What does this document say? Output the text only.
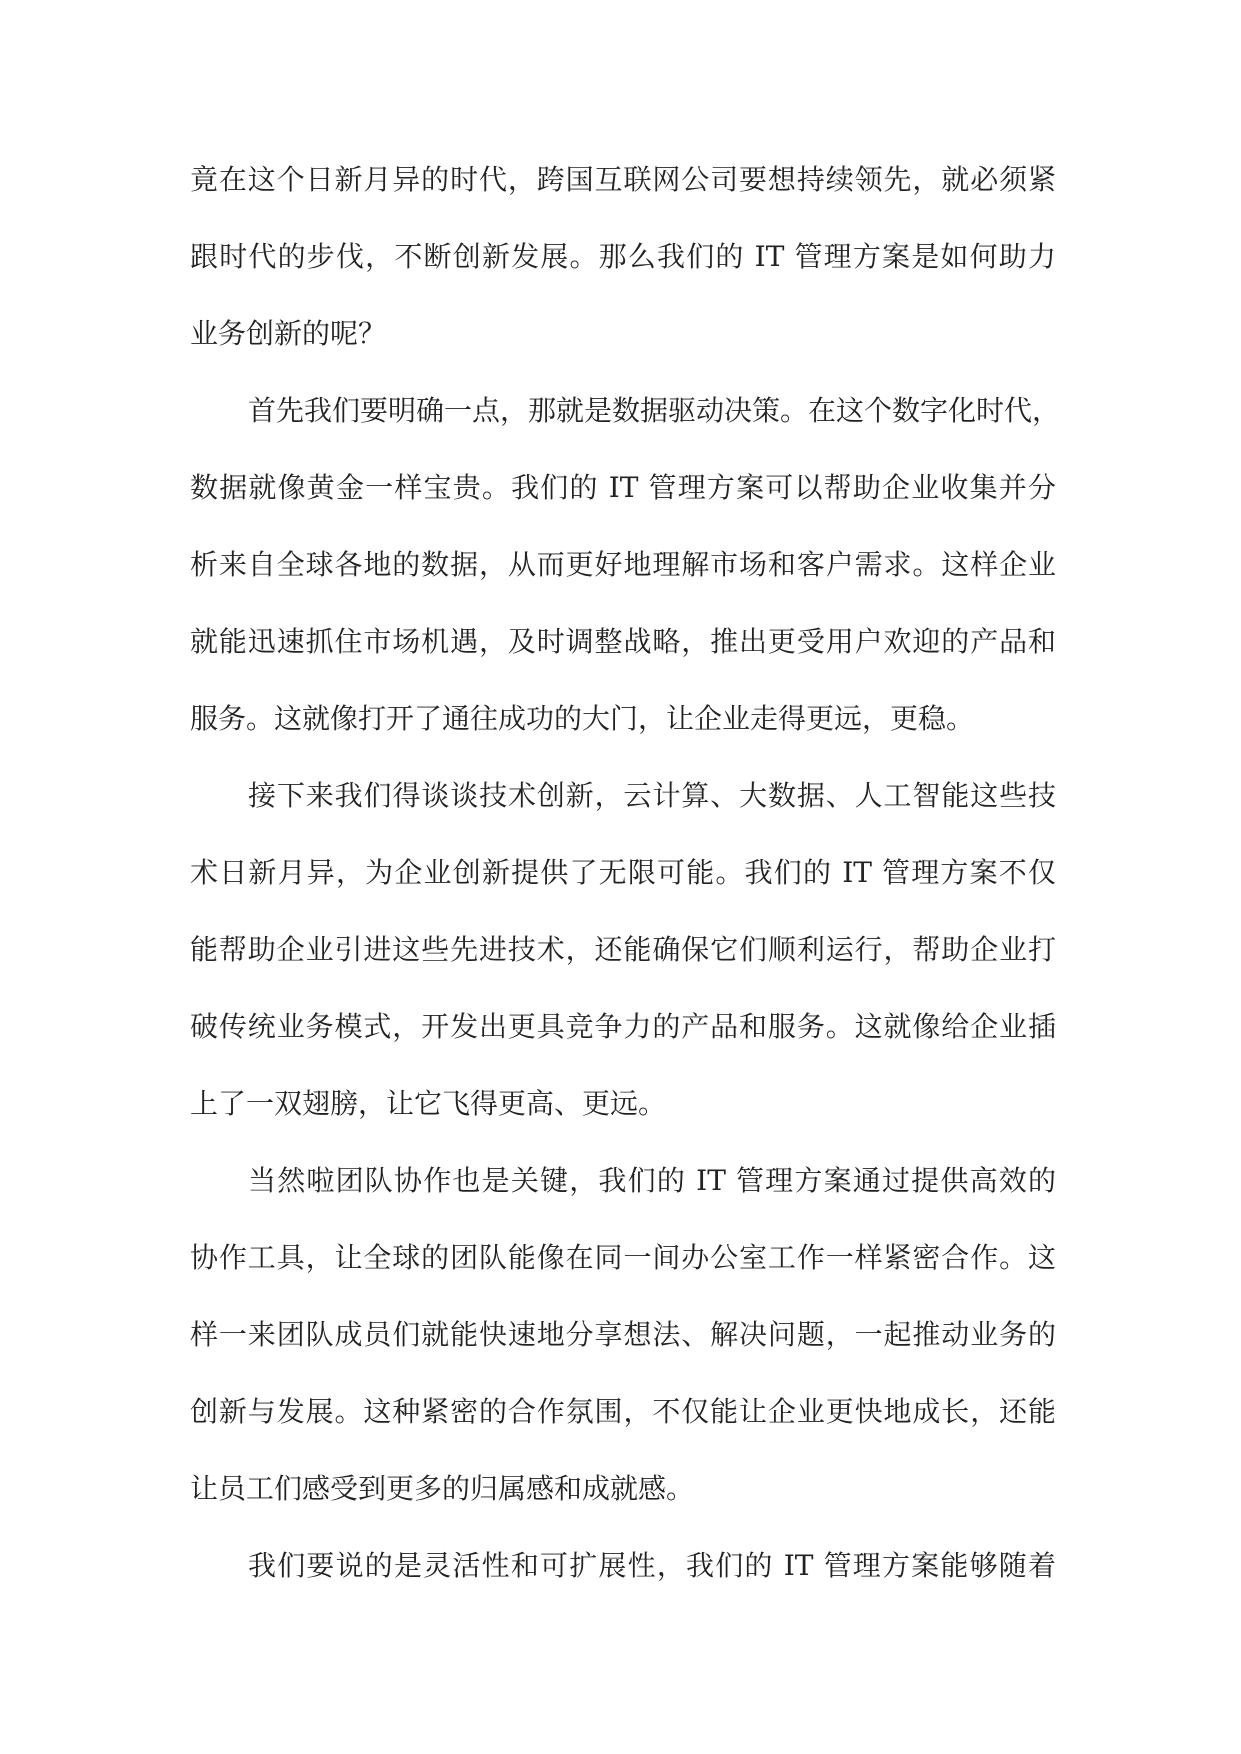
竟在这个日新月异的时代，跨国互联网公司要想持续领先，就必须紧
跟时代的步伐，不断创新发展。那么我们的 IT 管理方案是如何助力
业务创新的呢？
首先我们要明确一点，那就是数据驱动决策。在这个数字化时代，
数据就像黄金一样宝贵。我们的 IT 管理方案可以帮助企业收集并分
析来自全球各地的数据，从而更好地理解市场和客户需求。这样企业
就能迅速抓住市场机遇，及时调整战略，推出更受用户欢迎的产品和
服务。这就像打开了通往成功的大门，让企业走得更远，更稳。
接下来我们得谈谈技术创新，云计算、大数据、人工智能这些技
术日新月异，为企业创新提供了无限可能。我们的 IT 管理方案不仅
能帮助企业引进这些先进技术，还能确保它们顺利运行，帮助企业打
破传统业务模式，开发出更具竞争力的产品和服务。这就像给企业插
上了一双翅膀，让它飞得更高、更远。
当然啦团队协作也是关键，我们的 IT 管理方案通过提供高效的
协作工具，让全球的团队能像在同一间办公室工作一样紧密合作。这
样一来团队成员们就能快速地分享想法、解决问题，一起推动业务的
创新与发展。这种紧密的合作氛围，不仅能让企业更快地成长，还能
让员工们感受到更多的归属感和成就感。
我们要说的是灵活性和可扩展性，我们的 IT 管理方案能够随着
